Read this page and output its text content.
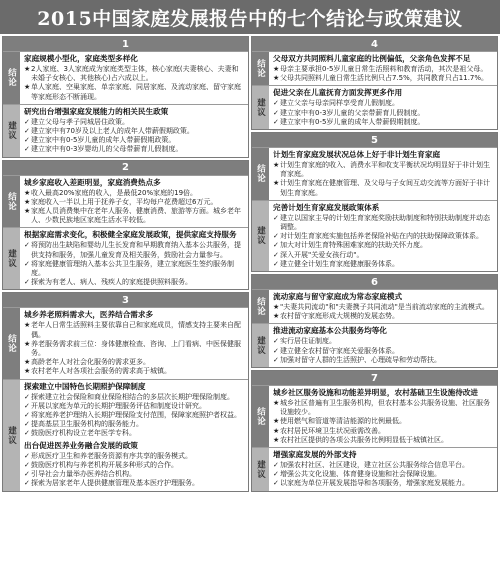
2015中国家庭发展报告中的七个结论与政策建议
1
结论
家庭规模小型化，家庭类型多样化
★2人家庭、3人家庭成为家庭类型主体，核心家庭(夫妻核心、夫妻和未婚子女核心、其他核心)占六成以上。
★单人家庭、空巢家庭、单亲家庭、同居家庭、及流动家庭、留守家庭等家庭形态不断涌现。
建议
研究出台增强家庭发展能力的相关民生政策
✓建立父母与孝子同城居住政策。
✓建立家中有70岁及以上老人的成年人带薪假期政策。
✓建立家中有0-5岁儿童的成年人带薪假期政策。
✓建立家中有0-3岁婴幼儿的父母带薪育儿假制度。
2
结论
城乡家庭收入差距明显，家庭消费热点多
★收入最高20%家庭的收入，是最低20%家庭的19倍。
★家庭收入一半以上用于抚养子女，平均每户花费超过6万元。
★家庭人员消费集中在老年人服务、健康消费、旅游等方面。城乡老年人、少数民族地区家庭生活水平较低。
建议
根据家庭需求变化，积极健全家庭发展政策，提供家庭支持服务
✓将预防出生缺陷和婴幼儿生长发育和早期教育纳入基本公共服务，提供支持和服务，加强儿童发育及相关服务，鼓励社会力量参与。
✓将家庭健康管理纳入基本公共卫生服务，建立家庭医生签约服务制度。
✓探索为有老人、病人、残疾人的家庭提供照料服务。
3
结论
城乡养老照料需求大，医养结合需求多
★老年人日常生活照料主要依靠自己和家庭成员，情感支持主要来自配偶。
★养老服务需求前三位：身体健康检查、咨询、上门看病、中医保健服务。
★高龄老年人对社会化服务的需求更多。
★农村老年人对各项社会服务的需求高于城镇。
建议
探索建立中国特色长期照护保障制度
✓探索建立社会保险和商业保险相结合的多层次长期护理保险制度。
✓开展以家庭为单元的长期护理服务评估和制度设计研究。
✓将家庭养老护理纳入长期护理保险支付范围，保障家庭照护者权益。
✓提高基层卫生服务机构的服务能力。
✓鼓励医疗机构设立老年医学专科。
出台促进医养业务融合发展的政策
✓形成医疗卫生和养老服务资源有序共享的服务模式。
✓鼓励医疗机构与养老机构开展多种形式的合作。
✓引导社会力量举办医养结合机构。
✓探索为居家老年人提供健康管理及基本医疗护理服务。
4
结论
父母双方共同照料儿童家庭的比例偏低，父亲角色发挥不足
★母亲主要承担0-5岁儿童日常生活照料和教育活动，其次是祖父母。
★父母共同照料儿童日常生活比例只占7.5%，共同教育只占11.7%。
建议
促进父亲在儿童抚育方面发挥更多作用
✓建立父亲与母亲同样享受育儿假制度。
✓建立家中有0-3岁儿童的父亲带薪育儿假制度。
✓建立家中有0-5岁儿童的成年人带薪假期制度。
5
结论
计划生育家庭发展状况总体上好于非计划生育家庭
★计划生育家庭的收入、消费水平和收支平衡状况均明显好于非计划生育家庭。
★计划生育家庭在健康管理、及父母与子女间互动交流等方面好于非计划生育家庭。
建议
完善计划生育家庭发展政策体系
✓建立以国家主导的计划生育家庭奖励扶助制度和特别扶助制度并动态调整。
✓对计划生育家庭实施包括养老保险补贴在内的扶助保障政策体系。
✓加大对计划生育特殊困难家庭的扶助关怀力度。
✓深入开展"关爱女孩行动"。
✓建立健全计划生育家庭健康服务体系。
6
结论
流动家庭与留守家庭成为常态家庭模式
★"夫妻共同流动"和"夫妻携子共同流动"是当前流动家庭的主流模式。
★农村留守家庭形成大规模的发展态势。
建议
推进流动家庭基本公共服务均等化
✓实行居住证制度。
✓建立健全农村留守家庭关爱服务体系。
✓加强对留守人群的生活照护、心理疏导和劳动帮扶。
7
结论
城乡社区服务设施和功能差异明显，农村基础卫生设施待改进
★城乡社区普遍有卫生服务机构，但农村基本公共服务设施、社区服务设施较少。
★使用燃气和管道等清洁能源的比例最低。
★农村居民环境卫生状况亟需改善。
★农村社区提供的各项公共服务比例明显低于城镇社区。
建议
增强家庭发展的外部支持
✓加强农村社区、社区建设，建立社区公共服务综合信息平台。
✓增强公共文化设施、体育健身设施和社会保障设施。
✓以家庭为单位开展发展指导和各项服务，增强家庭发展能力。
